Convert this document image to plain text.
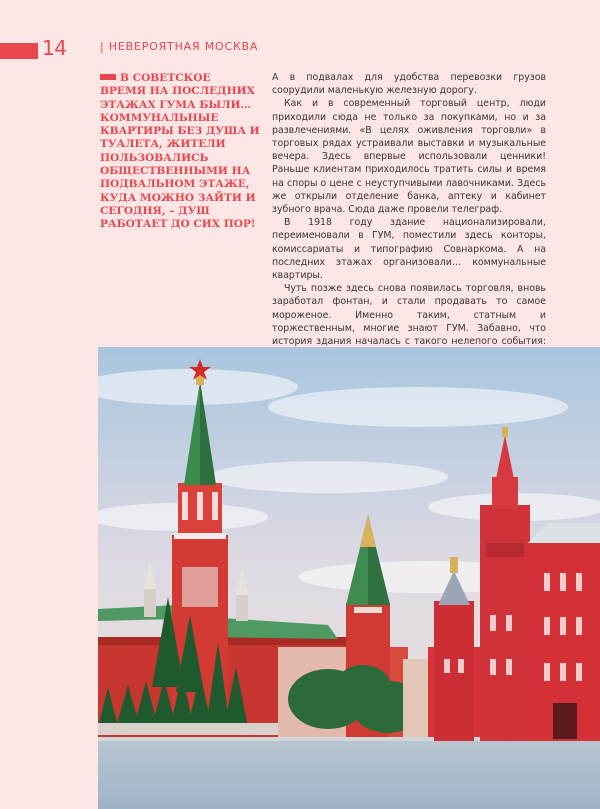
14	| НЕВЕРОЯТНАЯ МОСКВА
В СОВЕТСКОЕ ВРЕМЯ НА ПОСЛЕДНИХ ЭТАЖАХ ГУМА БЫЛИ… КОММУНАЛЬНЫЕ КВАРТИРЫ БЕЗ ДУША И ТУАЛЕТА, ЖИТЕЛИ ПОЛЬЗОВАЛИСЬ ОБЩЕСТВЕННЫМИ НА ПОДВАЛЬНОМ ЭТАЖЕ, КУДА МОЖНО ЗАЙТИ И СЕГОДНЯ, – ДУШ РАБОТАЕТ ДО СИХ ПОР!

А в подвалах для удобства перевозки грузов соорудили маленькую железную дорогу.

Как и в современный торговый центр, люди приходили сюда не только за покупками, но и за развлечениями. «В целях оживления торговли» в торговых рядах устраивали выставки и музыкальные вечера. Здесь впервые использовали ценники! Раньше клиентам приходилось тратить силы и время на споры о цене с неуступчивыми лавочниками. Здесь же открыли отделение банка, аптеку и кабинет зубного врача. Сюда даже провели телеграф.

В 1918 году здание национализировали, переименовали в ГУМ, поместили здесь конторы, комиссариаты и типографию Совнаркома. А на последних этажах организовали… коммунальные квартиры.

Чуть позже здесь снова появилась торговля, вновь заработал фонтан, и стали продавать то самое мороженое. Именно таким, статным и торжественным, многие знают ГУМ. Забавно, что история здания началась с такого нелепого события:
